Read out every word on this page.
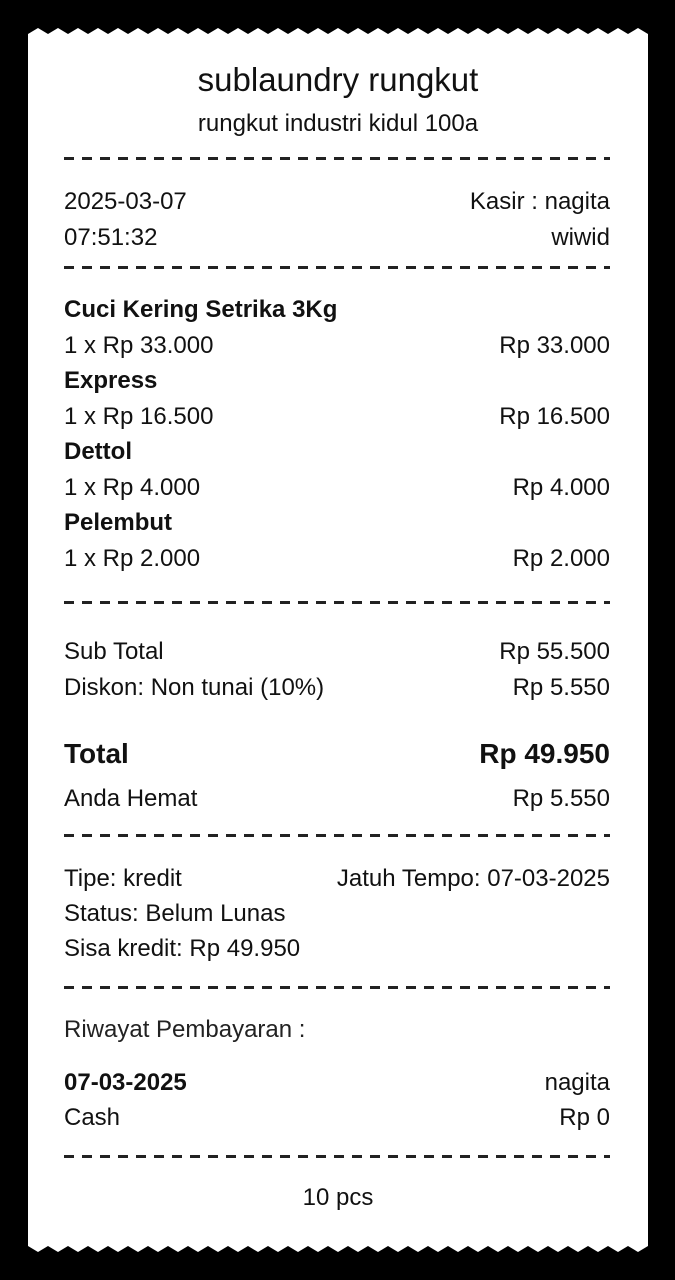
sublaundry rungkut
rungkut industri kidul 100a
2025-03-07	Kasir : nagita
07:51:32	wiwid
Cuci Kering Setrika 3Kg
1 x Rp 33.000	Rp 33.000
Express
1 x Rp 16.500	Rp 16.500
Dettol
1 x Rp 4.000	Rp 4.000
Pelembut
1 x Rp 2.000	Rp 2.000
Sub Total	Rp 55.500
Diskon: Non tunai (10%)	Rp 5.550
Total	Rp 49.950
Anda Hemat	Rp 5.550
Tipe: kredit	Jatuh Tempo: 07-03-2025
Status: Belum Lunas
Sisa kredit: Rp 49.950
Riwayat Pembayaran :
07-03-2025	nagita
Cash	Rp 0
10 pcs
